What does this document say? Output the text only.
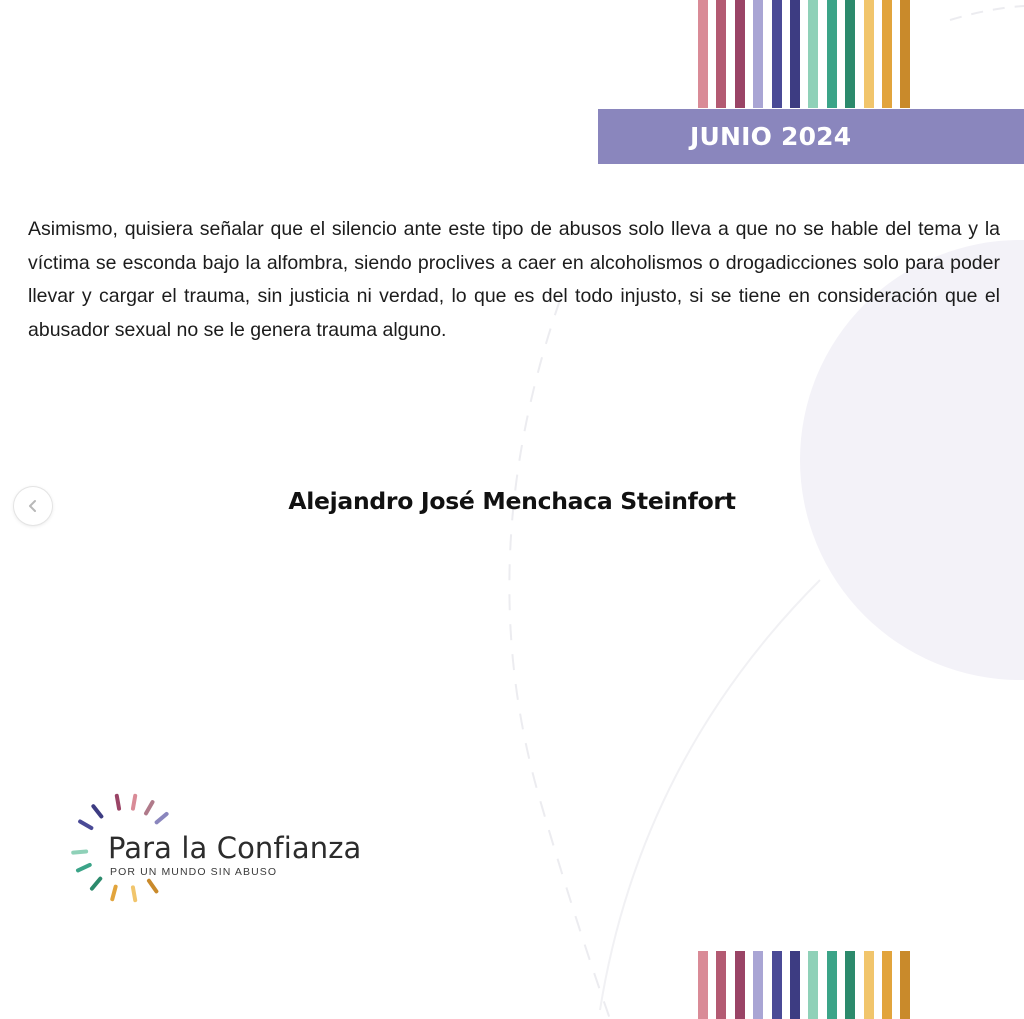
JUNIO 2024

Asimismo, quisiera señalar que el silencio ante este tipo de abusos solo lleva a que no se hable del tema y la víctima se esconda bajo la alfombra, siendo proclives a caer en alcoholismos o drogadicciones solo para poder llevar y cargar el trauma, sin justicia ni verdad, lo que es del todo injusto, si se tiene en consideración que el abusador sexual no se le genera trauma alguno.

Alejandro José Menchaca Steinfort
Para la Confianza
POR UN MUNDO SIN ABUSO
